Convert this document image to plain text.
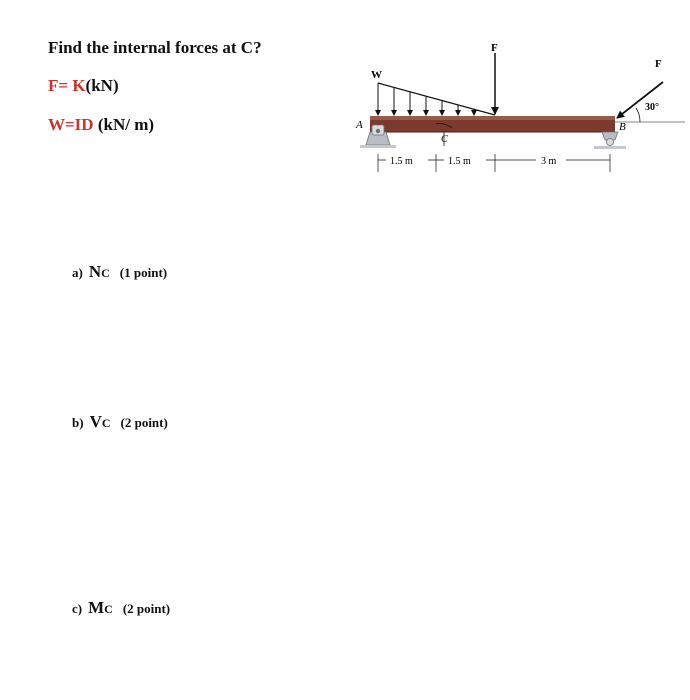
Find the internal forces at C?
F= K(kN)
W=ID (kN/ m)
a) NC (1 point)
b) VC (2 point)
c) MC (2 point)
W
F
A	B
C
F
30°
1.5 m	1.5 m	3 m
